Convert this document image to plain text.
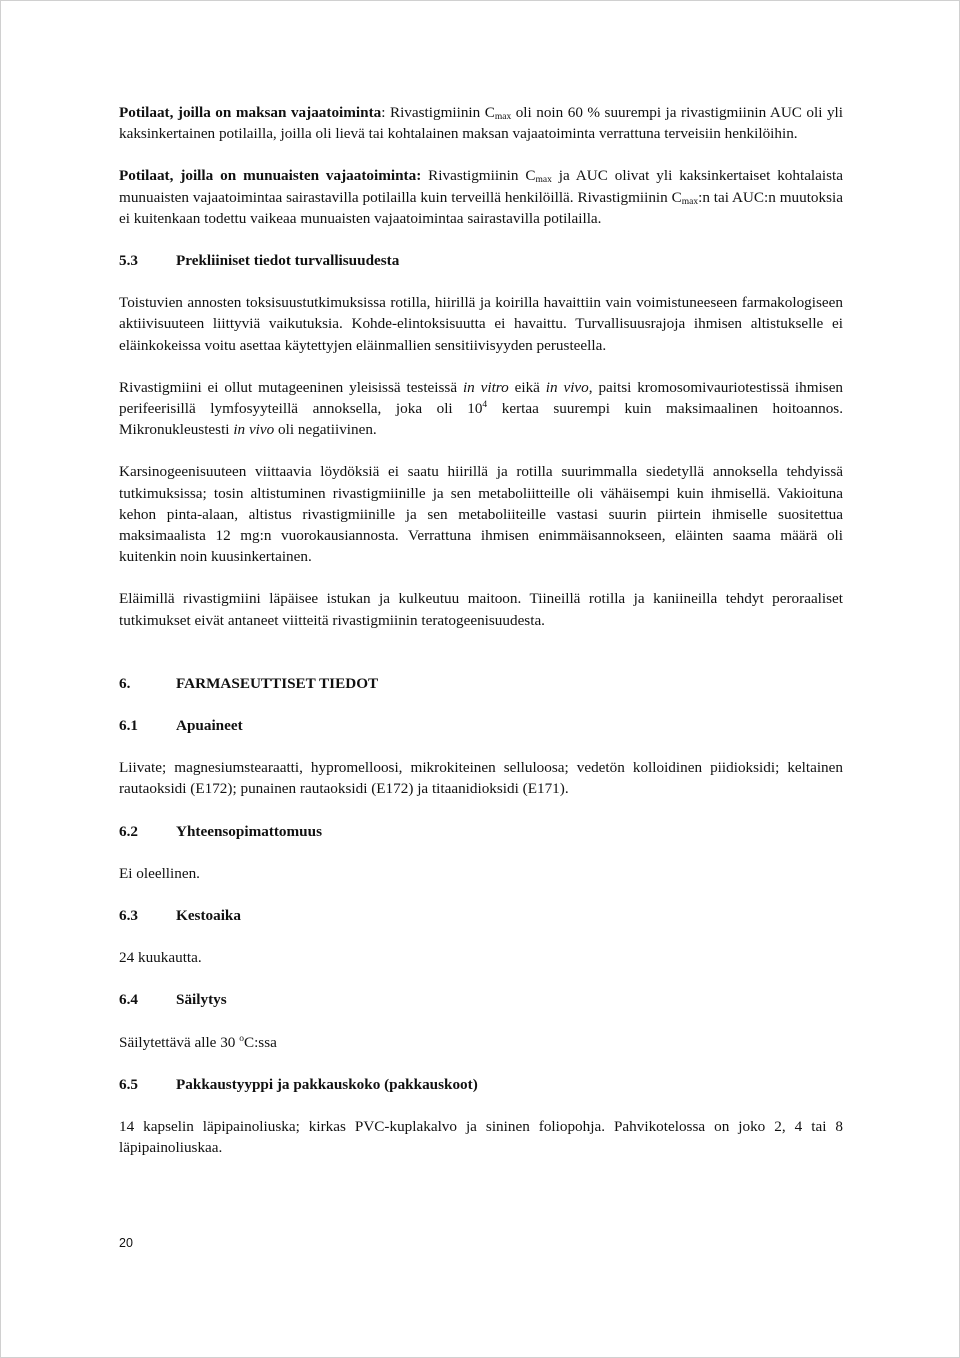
Potilaat, joilla on maksan vajaatoiminta: Rivastigmiinin $C_{max}$ oli noin 60 % suurempi ja rivastigmiinin AUC oli yli kaksinkertainen potilailla, joilla oli lievä tai kohtalainen maksan vajaatoiminta verrattuna terveisiin henkilöihin.

Potilaat, joilla on munuaisten vajaatoiminta: Rivastigmiinin $C_{max}$ ja AUC olivat yli kaksinkertaiset kohtalaista munuaisten vajaatoimintaa sairastavilla potilailla kuin terveillä henkilöillä. Rivastigmiinin $C_{max}:n$ tai AUC:n muutoksia ei kuitenkaan todettu vaikeaa munuaisten vajaatoimintaa sairastavilla potilailla.

5.3	Prekliiniset tiedot turvallisuudesta

Toistuvien annosten toksisuustutkimuksissa rotilla, hiirillä ja koirilla havaittiin vain voimistuneeseen farmakologiseen aktiivisuuteen liittyviä vaikutuksia. Kohde-elintoksisuutta ei havaittu. Turvallisuusrajoja ihmisen altistukselle ei eläinkokeissa voitu asettaa käytettyjen eläinmallien sensitiivisyyden perusteella.

Rivastigmiini ei ollut mutageeninen yleisissä testeissä in vitro eikä in vivo, paitsi kromosomivauriotestissä ihmisen perifeerisillä lymfosyyteillä annoksella, joka oli $10^4$ kertaa suurempi kuin maksimaalinen hoitoannos. Mikronukleustesti in vivo oli negatiivinen.

Karsinogeenisuuteen viittaavia löydöksiä ei saatu hiirillä ja rotilla suurimmalla siedetyllä annoksella tehdyissä tutkimuksissa; tosin altistuminen rivastigmiinille ja sen metaboliitteille oli vähäisempi kuin ihmisellä. Vakioituna kehon pinta-alaan, altistus rivastigmiinille ja sen metaboliiteille vastasi suurin piirtein ihmiselle suositettua maksimaalista 12 mg:n vuorokausiannosta. Verrattuna ihmisen enimmäisannokseen, eläinten saama määrä oli kuitenkin noin kuusinkertainen.

Eläimillä rivastigmiini läpäisee istukan ja kulkeutuu maitoon. Tiineillä rotilla ja kaniineilla tehdyt peroraaliset tutkimukset eivät antaneet viitteitä rivastigmiinin teratogeenisuudesta.

6.	FARMASEUTTISET TIEDOT
6.1	Apuaineet

Liivate; magnesiumstearaatti, hypromelloosi, mikrokiteinen selluloosa; vedetön kolloidinen piidioksidi; keltainen rautaoksidi (E172); punainen rautaoksidi (E172) ja titaanidioksidi (E171).

6.2	Yhteensopimattomuus

Ei oleellinen.

6.3	Kestoaika

24 kuukautta.

6.4	Säilytys

Säilytettävä alle 30 $^o$C:ssa

6.5	Pakkaustyyppi ja pakkauskoko (pakkauskoot)

14 kapselin läpipainoliuska; kirkas PVC-kuplakalvo ja sininen foliopohja. Pahvikotelossa on joko 2, 4 tai 8 läpipainoliuskaa.

20
